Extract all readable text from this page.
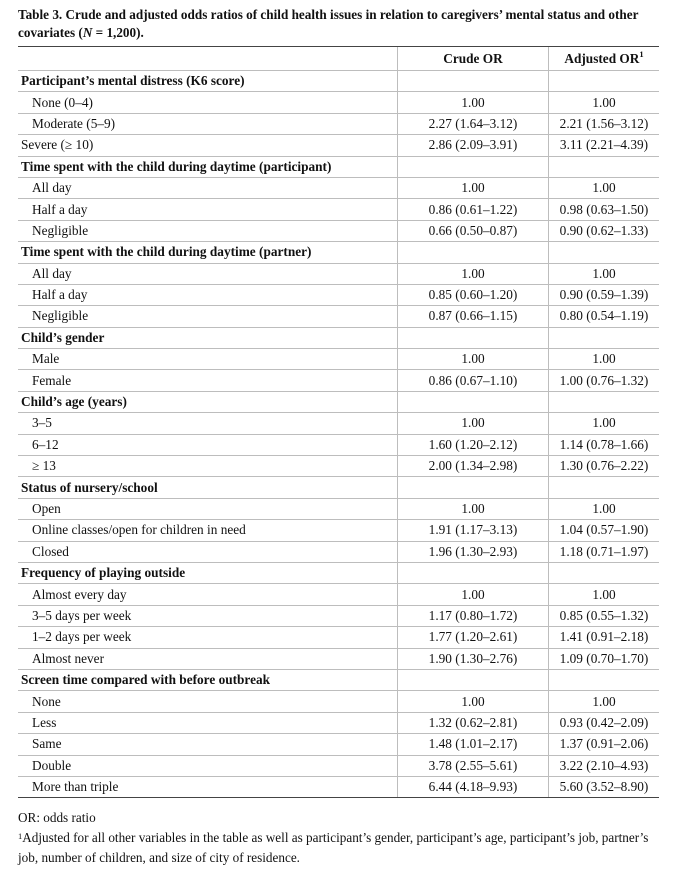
Table 3. Crude and adjusted odds ratios of child health issues in relation to caregivers’ mental status and other covariates (N = 1,200).
	Crude OR	Adjusted $OR^1$
Participant’s mental distress (K6 score)		
None (0–4)	1.00	1.00
Moderate (5–9)	2.27 (1.64–3.12)	2.21 (1.56–3.12)
Severe (≥ 10)	2.86 (2.09–3.91)	3.11 (2.21–4.39)
Time spent with the child during daytime (participant)		
All day	1.00	1.00
Half a day	0.86 (0.61–1.22)	0.98 (0.63–1.50)
Negligible	0.66 (0.50–0.87)	0.90 (0.62–1.33)
Time spent with the child during daytime (partner)		
All day	1.00	1.00
Half a day	0.85 (0.60–1.20)	0.90 (0.59–1.39)
Negligible	0.87 (0.66–1.15)	0.80 (0.54–1.19)
Child’s gender		
Male	1.00	1.00
Female	0.86 (0.67–1.10)	1.00 (0.76–1.32)
Child’s age (years)		
3–5	1.00	1.00
6–12	1.60 (1.20–2.12)	1.14 (0.78–1.66)
≥ 13	2.00 (1.34–2.98)	1.30 (0.76–2.22)
Status of nursery/school		
Open	1.00	1.00
Online classes/open for children in need	1.91 (1.17–3.13)	1.04 (0.57–1.90)
Closed	1.96 (1.30–2.93)	1.18 (0.71–1.97)
Frequency of playing outside		
Almost every day	1.00	1.00
3–5 days per week	1.17 (0.80–1.72)	0.85 (0.55–1.32)
1–2 days per week	1.77 (1.20–2.61)	1.41 (0.91–2.18)
Almost never	1.90 (1.30–2.76)	1.09 (0.70–1.70)
Screen time compared with before outbreak		
None	1.00	1.00
Less	1.32 (0.62–2.81)	0.93 (0.42–2.09)
Same	1.48 (1.01–2.17)	1.37 (0.91–2.06)
Double	3.78 (2.55–5.61)	3.22 (2.10–4.93)
More than triple	6.44 (4.18–9.93)	5.60 (3.52–8.90)
OR: odds ratio
$^1$Adjusted for all other variables in the table as well as participant’s gender, participant’s age, participant’s job, partner’s job, number of children, and size of city of residence.
